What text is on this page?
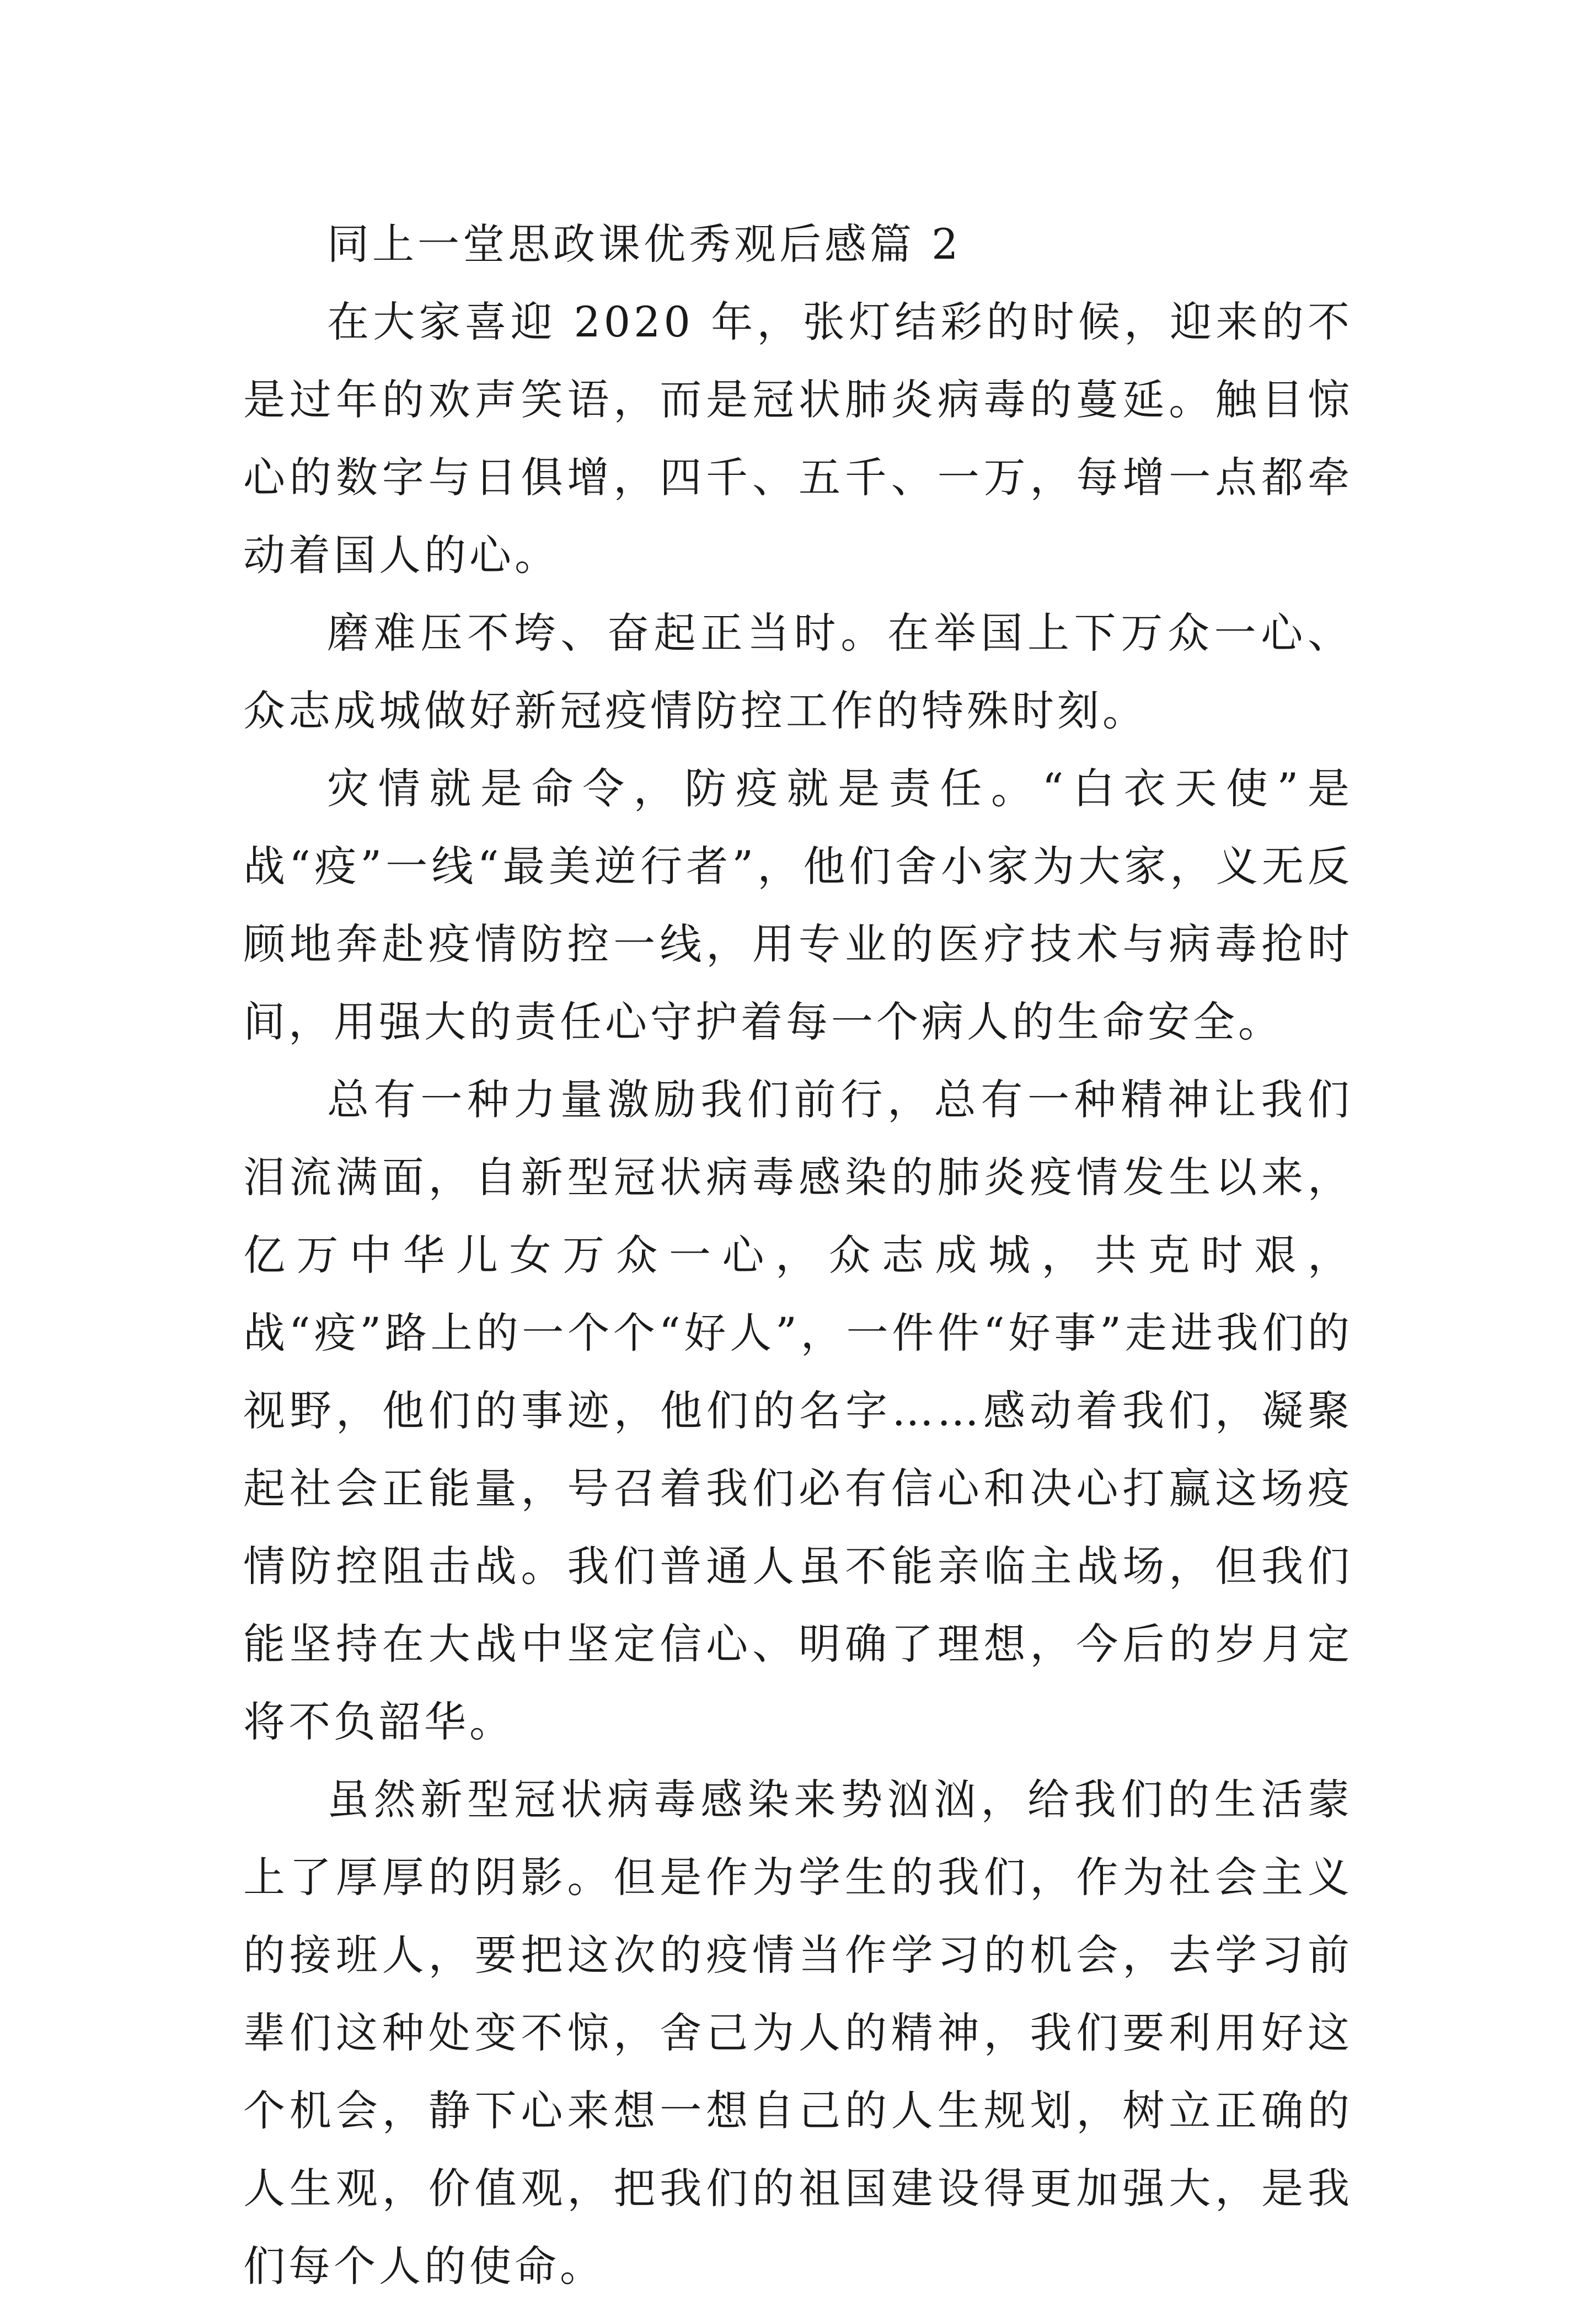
同上一堂思政课优秀观后感篇 2

在大家喜迎 2020 年，张灯结彩的时候，迎来的不是过年的欢声笑语，而是冠状肺炎病毒的蔓延。触目惊心的数字与日俱增，四千、五千、一万，每增一点都牵动着国人的心。

磨难压不垮、奋起正当时。在举国上下万众一心、众志成城做好新冠疫情防控工作的特殊时刻。

灾情就是命令，防疫就是责任。“白衣天使”是战“疫”一线“最美逆行者”，他们舍小家为大家，义无反顾地奔赴疫情防控一线，用专业的医疗技术与病毒抢时间，用强大的责任心守护着每一个病人的生命安全。

总有一种力量激励我们前行，总有一种精神让我们泪流满面，自新型冠状病毒感染的肺炎疫情发生以来，亿万中华儿女万众一心，众志成城，共克时艰，战“疫”路上的一个个“好人”，一件件“好事”走进我们的视野，他们的事迹，他们的名字……感动着我们，凝聚起社会正能量，号召着我们必有信心和决心打赢这场疫情防控阻击战。我们普通人虽不能亲临主战场，但我们能坚持在大战中坚定信心、明确了理想，今后的岁月定将不负韶华。

虽然新型冠状病毒感染来势汹汹，给我们的生活蒙上了厚厚的阴影。但是作为学生的我们，作为社会主义的接班人，要把这次的疫情当作学习的机会，去学习前辈们这种处变不惊，舍己为人的精神，我们要利用好这个机会，静下心来想一想自己的人生规划，树立正确的人生观，价值观，把我们的祖国建设得更加强大，是我们每个人的使命。
